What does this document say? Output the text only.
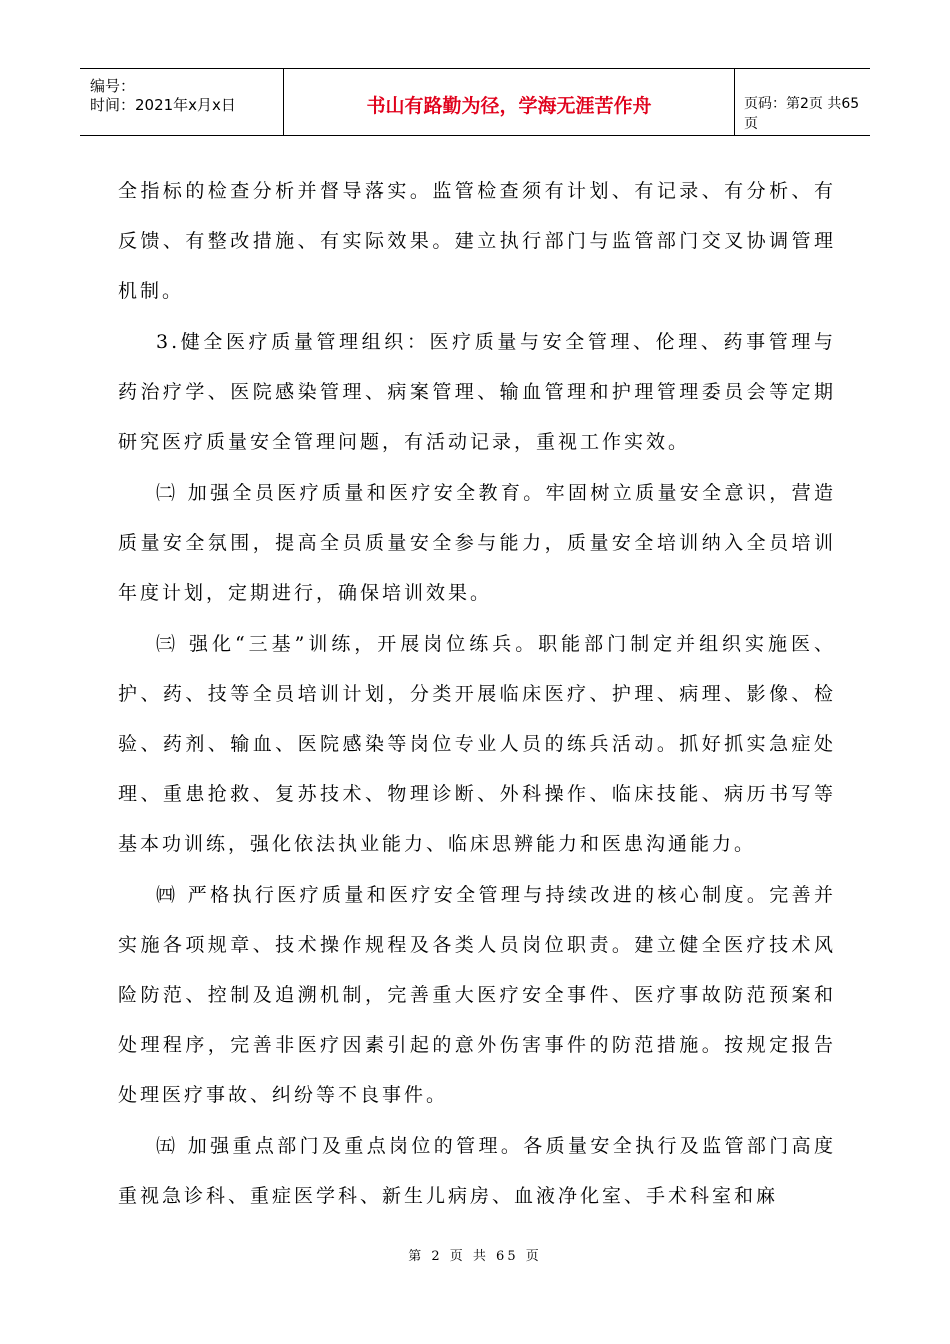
编号：
时间：2021年x月x日	书山有路勤为径，学海无涯苦作舟	页码：第2页 共65页

全指标的检查分析并督导落实。监管检查须有计划、有记录、有分析、有反馈、有整改措施、有实际效果。建立执行部门与监管部门交叉协调管理机制。

3.健全医疗质量管理组织：医疗质量与安全管理、伦理、药事管理与药治疗学、医院感染管理、病案管理、输血管理和护理管理委员会等定期研究医疗质量安全管理问题，有活动记录，重视工作实效。

㈡ 加强全员医疗质量和医疗安全教育。牢固树立质量安全意识，营造质量安全氛围，提高全员质量安全参与能力，质量安全培训纳入全员培训年度计划，定期进行，确保培训效果。

㈢ 强化“三基”训练，开展岗位练兵。职能部门制定并组织实施医、护、药、技等全员培训计划，分类开展临床医疗、护理、病理、影像、检验、药剂、输血、医院感染等岗位专业人员的练兵活动。抓好抓实急症处理、重患抢救、复苏技术、物理诊断、外科操作、临床技能、病历书写等基本功训练，强化依法执业能力、临床思辨能力和医患沟通能力。

㈣ 严格执行医疗质量和医疗安全管理与持续改进的核心制度。完善并实施各项规章、技术操作规程及各类人员岗位职责。建立健全医疗技术风险防范、控制及追溯机制，完善重大医疗安全事件、医疗事故防范预案和处理程序，完善非医疗因素引起的意外伤害事件的防范措施。按规定报告处理医疗事故、纠纷等不良事件。

㈤ 加强重点部门及重点岗位的管理。各质量安全执行及监管部门高度重视急诊科、重症医学科、新生儿病房、血液净化室、手术科室和麻

第 2 页 共 65 页
